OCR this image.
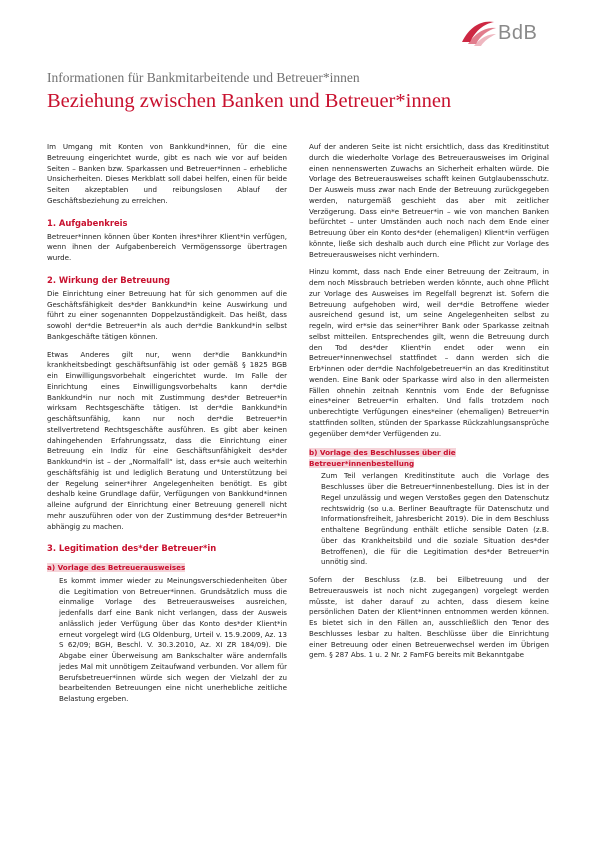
BdB
Informationen für Bankmitarbeitende und Betreuer*innen
Beziehung zwischen Banken und Betreuer*innen

Im Umgang mit Konten von Bankkund*innen, für die eine Betreuung eingerichtet wurde, gibt es nach wie vor auf beiden Seiten – Banken bzw. Sparkassen und Betreuer*innen – erhebliche Unsicherheiten. Dieses Merkblatt soll dabei helfen, einen für beide Seiten akzeptablen und reibungslosen Ablauf der Geschäftsbeziehung zu erreichen.

1. Aufgabenkreis

Betreuer*innen können über Konten ihres*ihrer Klient*in verfügen, wenn ihnen der Aufgabenbereich Vermögenssorge übertragen wurde.

2. Wirkung der Betreuung

Die Einrichtung einer Betreuung hat für sich genommen auf die Geschäftsfähigkeit des*der Bankkund*in keine Auswirkung und führt zu einer sogenannten Doppelzuständigkeit. Das heißt, dass sowohl der*die Betreuer*in als auch der*die Bankkund*in selbst Bankgeschäfte tätigen können.

Etwas Anderes gilt nur, wenn der*die Bankkund*in krankheitsbedingt geschäftsunfähig ist oder gemäß § 1825 BGB ein Einwilligungsvorbehalt eingerichtet wurde. Im Falle der Einrichtung eines Einwilligungsvorbehalts kann der*die Bankkund*in nur noch mit Zustimmung des*der Betreuer*in wirksam Rechtsgeschäfte tätigen. Ist der*die Bankkund*in geschäftsunfähig, kann nur noch der*die Betreuer*in stellvertretend Rechtsgeschäfte ausführen. Es gibt aber keinen dahingehenden Erfahrungssatz, dass die Einrichtung einer Betreuung ein Indiz für eine Geschäftsunfähigkeit des*der Bankkund*in ist – der „Normalfall“ ist, dass er*sie auch weiterhin geschäftsfähig ist und lediglich Beratung und Unterstützung bei der Regelung seiner*ihrer Angelegenheiten benötigt. Es gibt deshalb keine Grundlage dafür, Verfügungen von Bankkund*innen alleine aufgrund der Einrichtung einer Betreuung generell nicht mehr auszuführen oder von der Zustimmung des*der Betreuer*in abhängig zu machen.

3. Legitimation des*der Betreuer*in
a) Vorlage des Betreuerausweises

Es kommt immer wieder zu Meinungsverschiedenheiten über die Legitimation von Betreuer*innen. Grundsätzlich muss die einmalige Vorlage des Betreuerausweises ausreichen, jedenfalls darf eine Bank nicht verlangen, dass der Ausweis anlässlich jeder Verfügung über das Konto des*der Klient*in erneut vorgelegt wird (LG Oldenburg, Urteil v. 15.9.2009, Az. 13 S 62/09; BGH, Beschl. V. 30.3.2010, Az. XI ZR 184/09). Die Abgabe einer Überweisung am Bankschalter wäre andernfalls jedes Mal mit unnötigem Zeitaufwand verbunden. Vor allem für Berufsbetreuer*innen würde sich wegen der Vielzahl der zu bearbeitenden Betreuungen eine nicht unerhebliche zeitliche Belastung ergeben.

Auf der anderen Seite ist nicht ersichtlich, dass das Kreditinstitut durch die wiederholte Vorlage des Betreuerausweises im Original einen nennenswerten Zuwachs an Sicherheit erhalten würde. Die Vorlage des Betreuerausweises schafft keinen Gutglaubensschutz. Der Ausweis muss zwar nach Ende der Betreuung zurückgegeben werden, naturgemäß geschieht das aber mit zeitlicher Verzögerung. Dass ein*e Betreuer*in – wie von manchen Banken befürchtet – unter Umständen auch noch nach dem Ende einer Betreuung über ein Konto des*der (ehemaligen) Klient*in verfügen könnte, ließe sich deshalb auch durch eine Pflicht zur Vorlage des Betreuerausweises nicht verhindern.

Hinzu kommt, dass nach Ende einer Betreuung der Zeitraum, in dem noch Missbrauch betrieben werden könnte, auch ohne Pflicht zur Vorlage des Ausweises im Regelfall begrenzt ist. Sofern die Betreuung aufgehoben wird, weil der*die Betroffene wieder ausreichend gesund ist, um seine Angelegenheiten selbst zu regeln, wird er*sie das seiner*ihrer Bank oder Sparkasse zeitnah selbst mitteilen. Entsprechendes gilt, wenn die Betreuung durch den Tod des*der Klient*in endet oder wenn ein Betreuer*innenwechsel stattfindet – dann werden sich die Erb*innen oder der*die Nachfolgebetreuer*in an das Kreditinstitut wenden. Eine Bank oder Sparkasse wird also in den allermeisten Fällen ohnehin zeitnah Kenntnis vom Ende der Befugnisse eines*einer Betreuer*in erhalten. Und falls trotzdem noch unberechtigte Verfügungen eines*einer (ehemaligen) Betreuer*in stattfinden sollten, stünden der Sparkasse Rückzahlungsansprüche gegenüber dem*der Verfügenden zu.

b) Vorlage des Beschlusses über die Betreuer*innenbestellung

Zum Teil verlangen Kreditinstitute auch die Vorlage des Beschlusses über die Betreuer*innenbestellung. Dies ist in der Regel unzulässig und wegen Verstoßes gegen den Datenschutz rechtswidrig (so u.a. Berliner Beauftragte für Datenschutz und Informationsfreiheit, Jahresbericht 2019). Die in dem Beschluss enthaltene Begründung enthält etliche sensible Daten (z.B. über das Krankheitsbild und die soziale Situation des*der Betroffenen), die für die Legitimation des*der Betreuer*in unnötig sind.

Sofern der Beschluss (z.B. bei Eilbetreuung und der Betreuerausweis ist noch nicht zugegangen) vorgelegt werden müsste, ist daher darauf zu achten, dass diesem keine persönlichen Daten der Klient*innen entnommen werden können. Es bietet sich in den Fällen an, ausschließlich den Tenor des Beschlusses lesbar zu halten. Beschlüsse über die Einrichtung einer Betreuung oder einen Betreuerwechsel werden im Übrigen gem. § 287 Abs. 1 u. 2 Nr. 2 FamFG bereits mit Bekanntgabe
